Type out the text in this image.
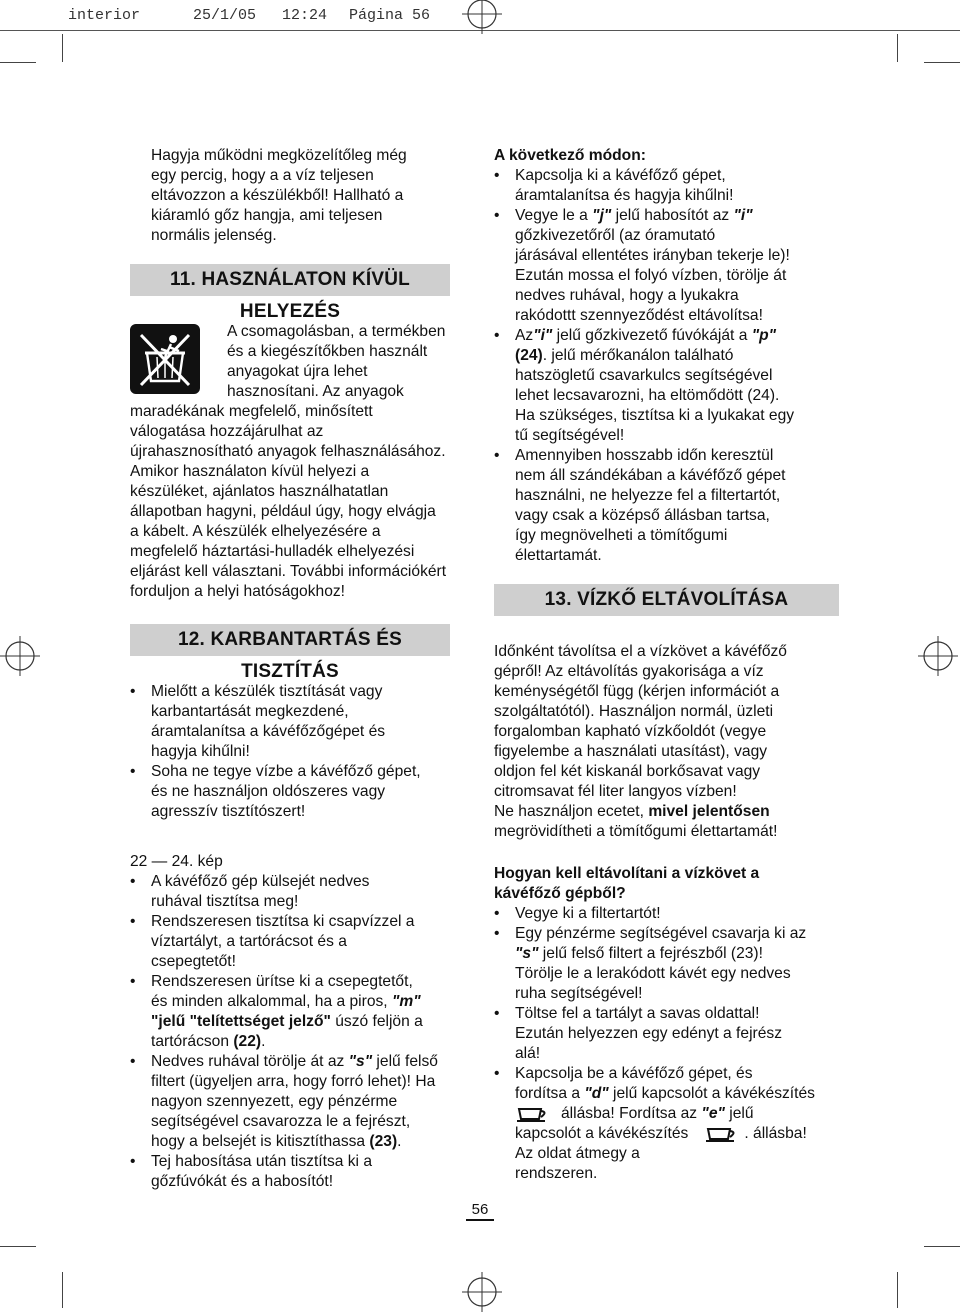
interior	25/1/05 12:24 Página 56

Hagyja működni megközelítőleg még
egy percig, hogy a a víz teljesen
eltávozzon a készülékből! Hallható a
kiáramló gőz hangja, ami teljesen
normális jelenség.

11. HASZNÁLATON KÍVÜL HELYEZÉS
A csomagolásban, a termékben
és a kiegészítőkben használt
anyagokat újra lehet
hasznosítani. Az anyagok
maradékának megfelelő, minősített
válogatása hozzájárulhat az
újrahasznosítható anyagok felhasználásához.
Amikor használaton kívül helyezi a
készüléket, ajánlatos használhatatlan
állapotban hagyni, például úgy, hogy elvágja
a kábelt. A készülék elhelyezésére a
megfelelő háztartási-hulladék elhelyezési
eljárást kell választani. További információkért
forduljon a helyi hatóságokhoz!
12. KARBANTARTÁS ÉS TISZTÍTÁS
• Mielőtt a készülék tisztítását vagy
karbantartását megkezdené,
áramtalanítsa a kávéfőzőgépet és
hagyja kihűlni!
• Soha ne tegye vízbe a kávéfőző gépet,
és ne használjon oldószeres vagy
agresszív tisztítószert!

22 — 24. kép

• A kávéfőző gép külsejét nedves
ruhával tisztítsa meg!
• Rendszeresen tisztítsa ki csapvízzel a
víztartályt, a tartórácsot és a
csepegtetőt!
• Rendszeresen ürítse ki a csepegtetőt,
és minden alkalommal, ha a piros, "m"
"jelű "telítettséget jelző" úszó feljön a
tartórácson (22).
• Nedves ruhával törölje át az "s" jelű felső
filtert (ügyeljen arra, hogy forró lehet)! Ha
nagyon szennyezett, egy pénzérme
segítségével csavarozza le a fejrészt,
hogy a belsejét is kitisztíthassa (23).
• Tej habosítása után tisztítsa ki a
gőzfúvókát és a habosítót!

A következő módon:

• Kapcsolja ki a kávéfőző gépet,
áramtalanítsa és hagyja kihűlni!
• Vegye le a "j" jelű habosítót az "i"
gőzkivezetőről (az óramutató
járásával ellentétes irányban tekerje le)!
Ezután mossa el folyó vízben, törölje át
nedves ruhával, hogy a lyukakra
rakódottt szennyeződést eltávolítsa!
• Az"i" jelű gőzkivezető fúvókáját a "p"
(24). jelű mérőkanálon található
hatszögletű csavarkulcs segítségével
lehet lecsavarozni, ha eltömődött (24).
Ha szükséges, tisztítsa ki a lyukakat egy
tű segítségével!
• Amennyiben hosszabb időn keresztül
nem áll szándékában a kávéfőző gépet
használni, ne helyezze fel a filtertartót,
vagy csak a középső állásban tartsa,
így megnövelheti a tömítőgumi
élettartamát.
13. VÍZKŐ ELTÁVOLÍTÁSA

Időnként távolítsa el a vízkövet a kávéfőző
gépről! Az eltávolítás gyakorisága a víz
keménységétől függ (kérjen információt a
szolgáltatótól). Használjon normál, üzleti
forgalomban kapható vízkőoldót (vegye
figyelembe a használati utasítást), vagy
oldjon fel két kiskanál borkősavat vagy
citromsavat fél liter langyos vízben!
Ne használjon ecetet, mivel jelentősen
megrövidítheti a tömítőgumi élettartamát!

Hogyan kell eltávolítani a vízkövet a
kávéfőző gépből?

• Vegye ki a filtertartót!
• Egy pénzérme segítségével csavarja ki az
"s" jelű felső filtert a fejrészből (23)!
Törölje le a lerakódott kávét egy nedves
ruha segítségével!
• Töltse fel a tartályt a savas oldattal!
Ezután helyezzen egy edényt a fejrész
alá!
• Kapcsolja be a kávéfőző gépet, és
fordítsa a "d" jelű kapcsolót a kávékészítés
állásba! Fordítsa az "e" jelű
kapcsolót a kávékészítés	. állásba!
Az oldat átmegy a
rendszeren.
56
